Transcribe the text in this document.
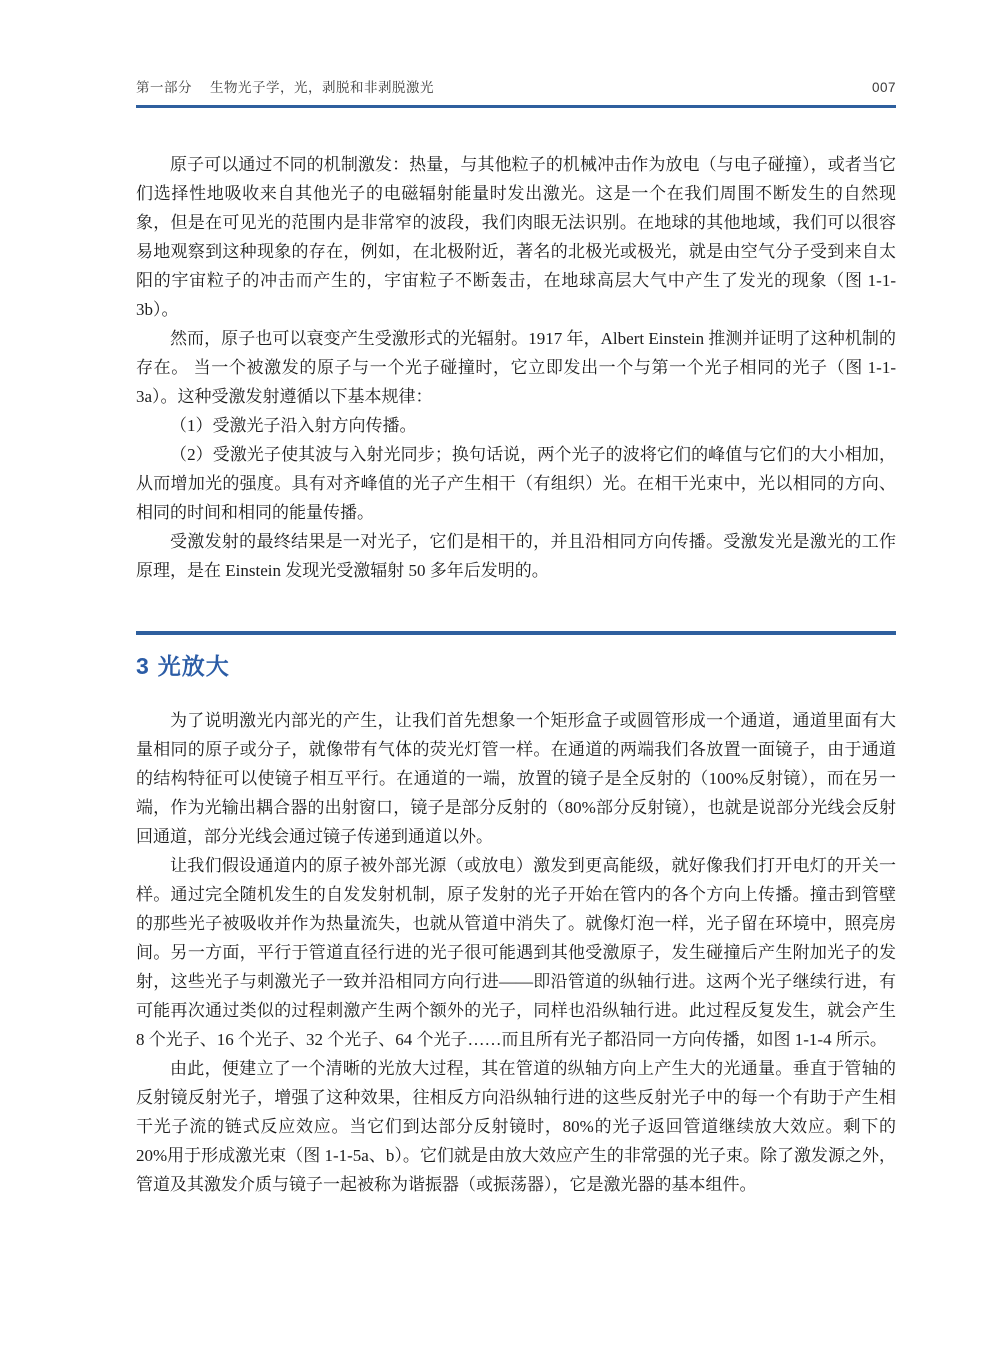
第一部分 生物光子学，光，剥脱和非剥脱激光	007

原子可以通过不同的机制激发：热量，与其他粒子的机械冲击作为放电（与电子碰撞），或者当它们选择性地吸收来自其他光子的电磁辐射能量时发出激光。这是一个在我们周围不断发生的自然现象，但是在可见光的范围内是非常窄的波段，我们肉眼无法识别。在地球的其他地域，我们可以很容易地观察到这种现象的存在，例如，在北极附近，著名的北极光或极光，就是由空气分子受到来自太阳的宇宙粒子的冲击而产生的，宇宙粒子不断轰击，在地球高层大气中产生了发光的现象（图 1-1-3b）。

然而，原子也可以衰变产生受激形式的光辐射。1917 年，Albert Einstein 推测并证明了这种机制的存在。 当一个被激发的原子与一个光子碰撞时，它立即发出一个与第一个光子相同的光子（图 1-1-3a）。这种受激发射遵循以下基本规律：

（1）受激光子沿入射方向传播。

（2）受激光子使其波与入射光同步；换句话说，两个光子的波将它们的峰值与它们的大小相加，从而增加光的强度。具有对齐峰值的光子产生相干（有组织）光。在相干光束中，光以相同的方向、相同的时间和相同的能量传播。

受激发射的最终结果是一对光子，它们是相干的，并且沿相同方向传播。受激发光是激光的工作原理，是在 Einstein 发现光受激辐射 50 多年后发明的。

3 光放大

为了说明激光内部光的产生，让我们首先想象一个矩形盒子或圆管形成一个通道，通道里面有大量相同的原子或分子，就像带有气体的荧光灯管一样。在通道的两端我们各放置一面镜子，由于通道的结构特征可以使镜子相互平行。在通道的一端，放置的镜子是全反射的（100%反射镜），而在另一端，作为光输出耦合器的出射窗口，镜子是部分反射的（80%部分反射镜），也就是说部分光线会反射回通道，部分光线会通过镜子传递到通道以外。

让我们假设通道内的原子被外部光源（或放电）激发到更高能级，就好像我们打开电灯的开关一样。通过完全随机发生的自发发射机制，原子发射的光子开始在管内的各个方向上传播。撞击到管壁的那些光子被吸收并作为热量流失，也就从管道中消失了。就像灯泡一样，光子留在环境中，照亮房间。另一方面，平行于管道直径行进的光子很可能遇到其他受激原子，发生碰撞后产生附加光子的发射，这些光子与刺激光子一致并沿相同方向行进——即沿管道的纵轴行进。这两个光子继续行进，有可能再次通过类似的过程刺激产生两个额外的光子，同样也沿纵轴行进。此过程反复发生，就会产生 8 个光子、16 个光子、32 个光子、64 个光子……而且所有光子都沿同一方向传播，如图 1-1-4 所示。

由此，便建立了一个清晰的光放大过程，其在管道的纵轴方向上产生大的光通量。垂直于管轴的反射镜反射光子，增强了这种效果，往相反方向沿纵轴行进的这些反射光子中的每一个有助于产生相干光子流的链式反应效应。当它们到达部分反射镜时，80%的光子返回管道继续放大效应。剩下的 20%用于形成激光束（图 1-1-5a、b）。它们就是由放大效应产生的非常强的光子束。除了激发源之外，管道及其激发介质与镜子一起被称为谐振器（或振荡器），它是激光器的基本组件。
